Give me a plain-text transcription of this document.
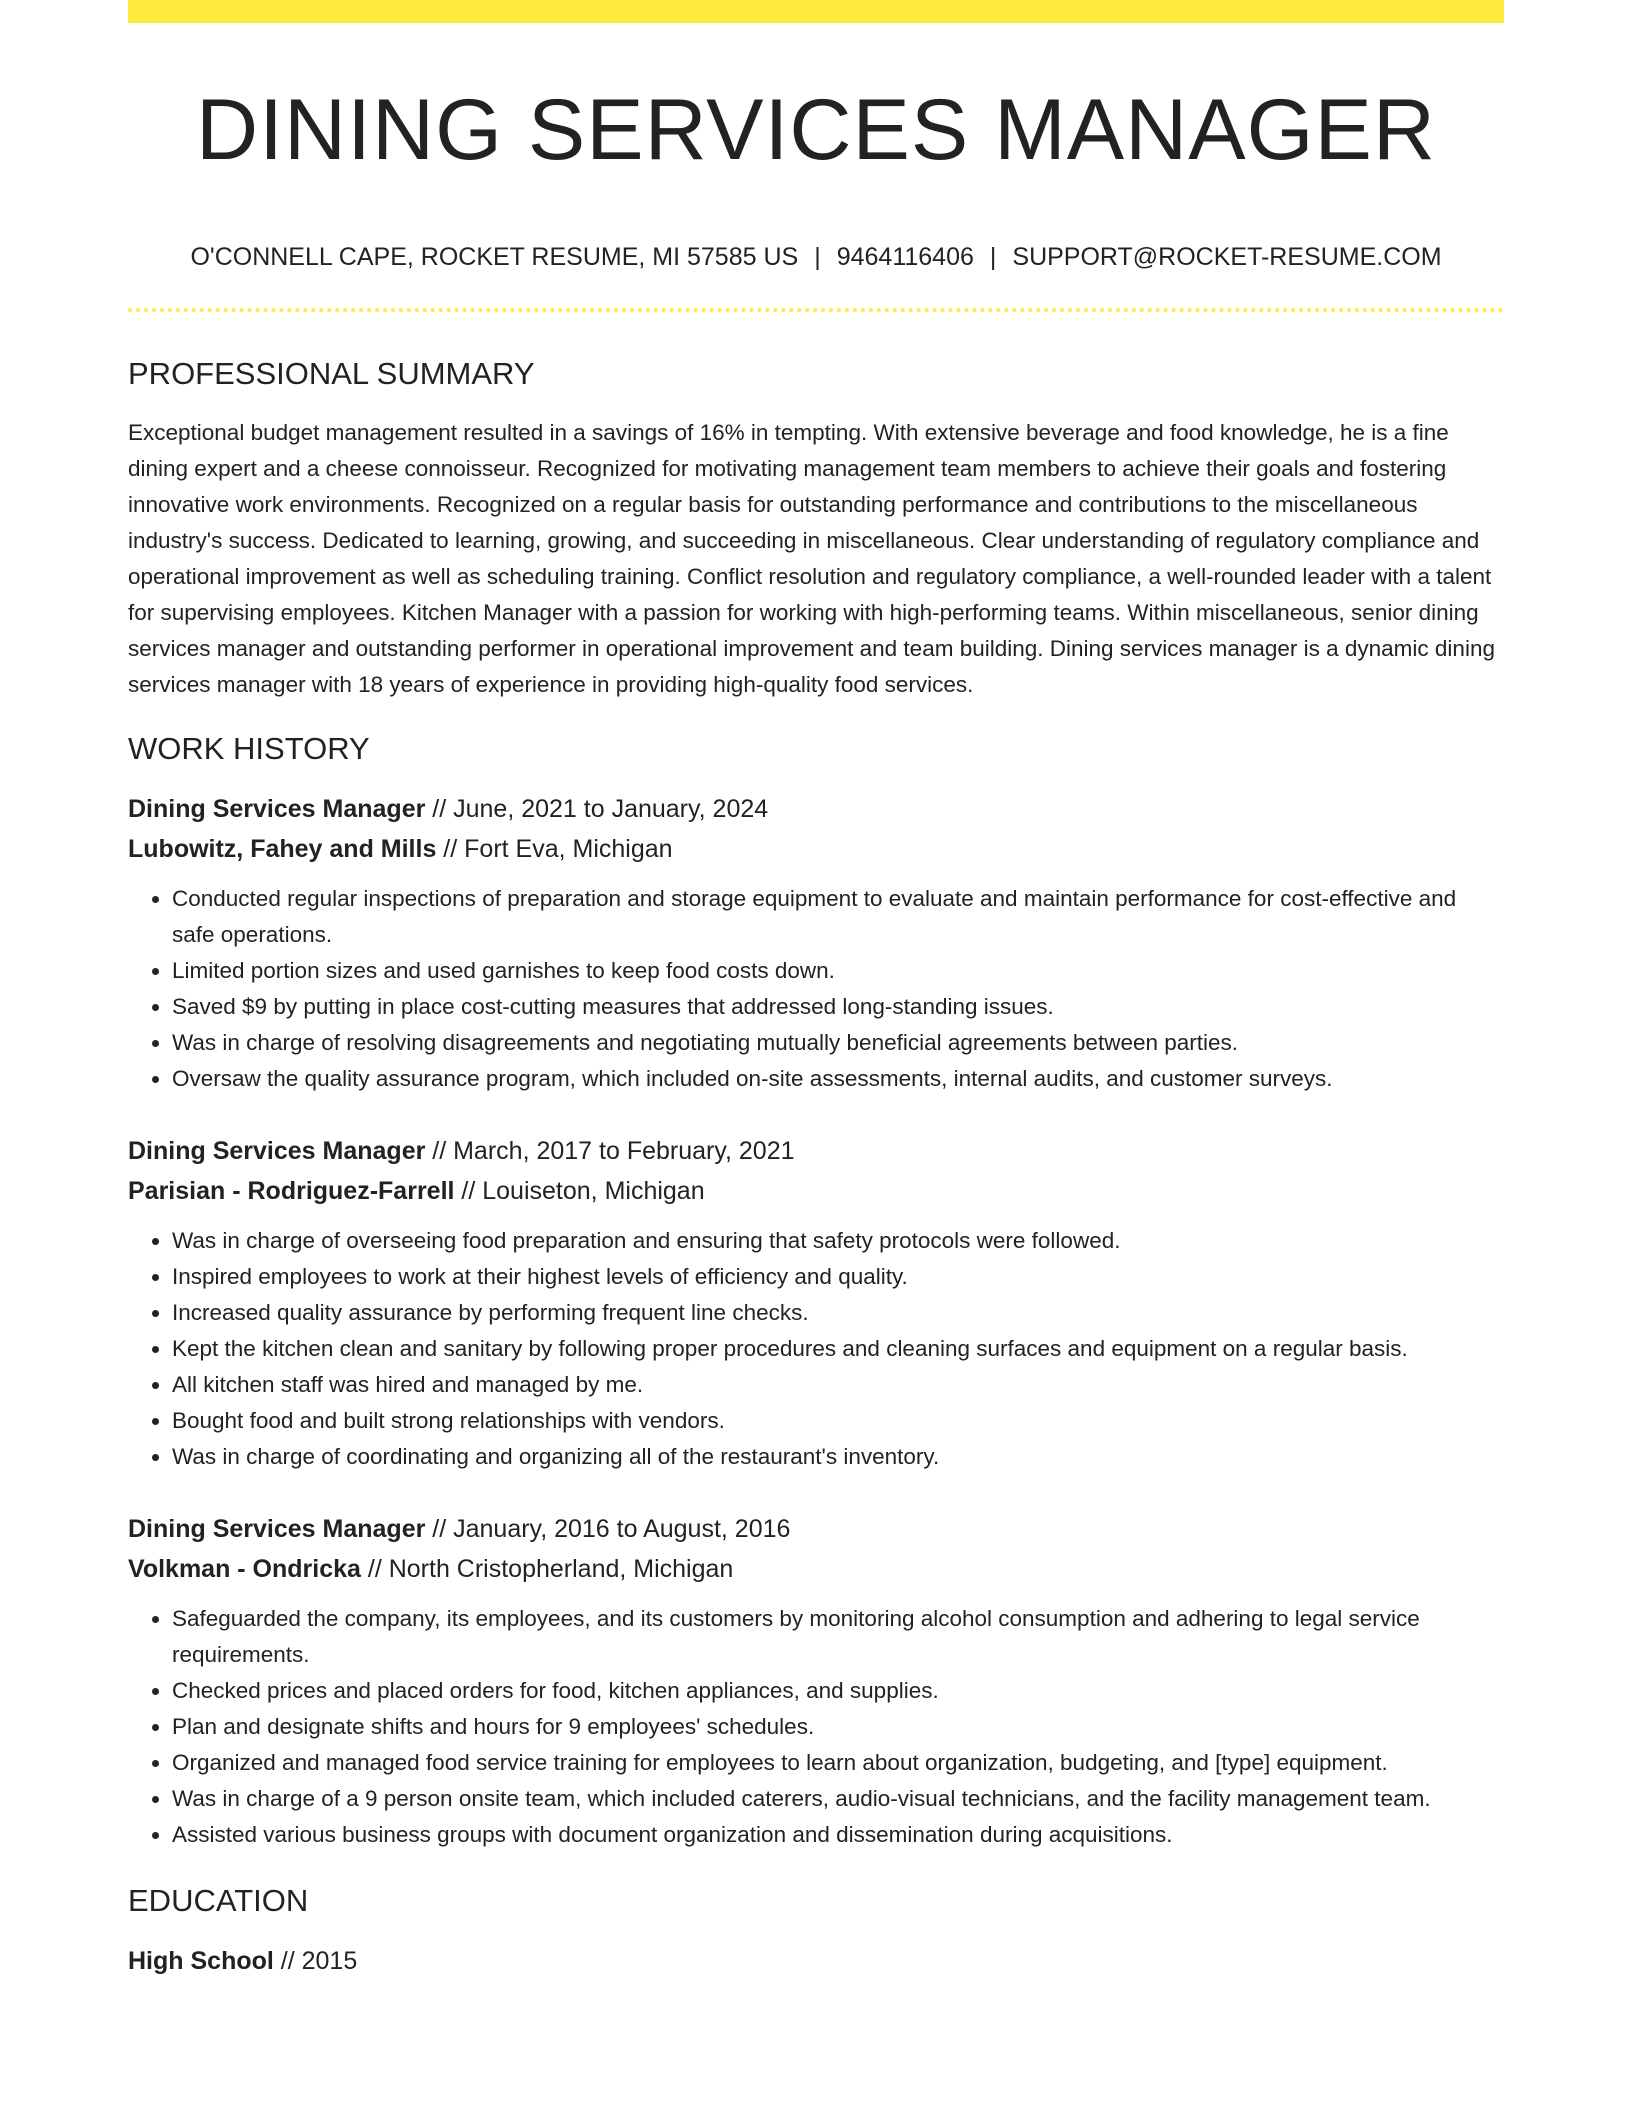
DINING SERVICES MANAGER
O'CONNELL CAPE, ROCKET RESUME, MI 57585 US | 9464116406 | SUPPORT@ROCKET-RESUME.COM
PROFESSIONAL SUMMARY

Exceptional budget management resulted in a savings of 16% in tempting. With extensive beverage and food knowledge, he is a fine dining expert and a cheese connoisseur. Recognized for motivating management team members to achieve their goals and fostering innovative work environments. Recognized on a regular basis for outstanding performance and contributions to the miscellaneous industry's success. Dedicated to learning, growing, and succeeding in miscellaneous. Clear understanding of regulatory compliance and operational improvement as well as scheduling training. Conflict resolution and regulatory compliance, a well-rounded leader with a talent for supervising employees. Kitchen Manager with a passion for working with high-performing teams. Within miscellaneous, senior dining services manager and outstanding performer in operational improvement and team building. Dining services manager is a dynamic dining services manager with 18 years of experience in providing high-quality food services.

WORK HISTORY
Dining Services Manager // June, 2021 to January, 2024
Lubowitz, Fahey and Mills // Fort Eva, Michigan
• Conducted regular inspections of preparation and storage equipment to evaluate and maintain performance for cost-effective and safe operations.
• Limited portion sizes and used garnishes to keep food costs down.
• Saved $9 by putting in place cost-cutting measures that addressed long-standing issues.
• Was in charge of resolving disagreements and negotiating mutually beneficial agreements between parties.
• Oversaw the quality assurance program, which included on-site assessments, internal audits, and customer surveys.
Dining Services Manager // March, 2017 to February, 2021
Parisian - Rodriguez-Farrell // Louiseton, Michigan
• Was in charge of overseeing food preparation and ensuring that safety protocols were followed.
• Inspired employees to work at their highest levels of efficiency and quality.
• Increased quality assurance by performing frequent line checks.
• Kept the kitchen clean and sanitary by following proper procedures and cleaning surfaces and equipment on a regular basis.
• All kitchen staff was hired and managed by me.
• Bought food and built strong relationships with vendors.
• Was in charge of coordinating and organizing all of the restaurant's inventory.
Dining Services Manager // January, 2016 to August, 2016
Volkman - Ondricka // North Cristopherland, Michigan
• Safeguarded the company, its employees, and its customers by monitoring alcohol consumption and adhering to legal service requirements.
• Checked prices and placed orders for food, kitchen appliances, and supplies.
• Plan and designate shifts and hours for 9 employees' schedules.
• Organized and managed food service training for employees to learn about organization, budgeting, and [type] equipment.
• Was in charge of a 9 person onsite team, which included caterers, audio-visual technicians, and the facility management team.
• Assisted various business groups with document organization and dissemination during acquisitions.
EDUCATION
High School // 2015
